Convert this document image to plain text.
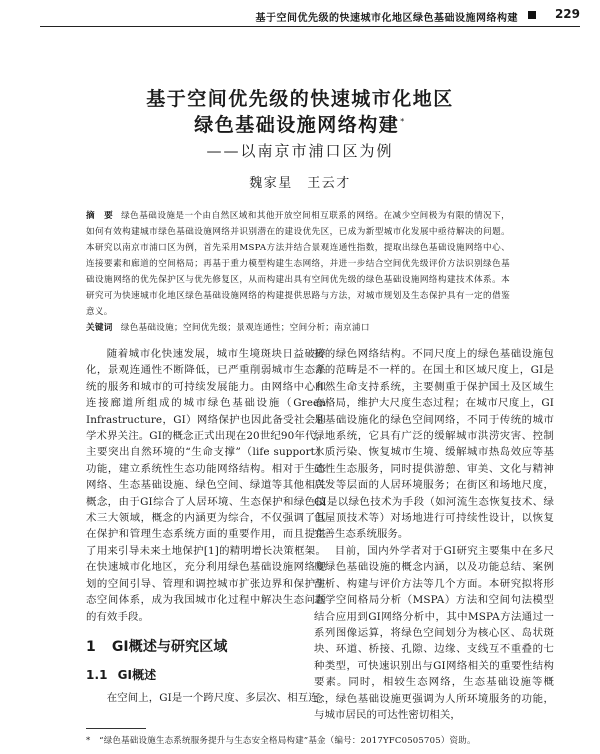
基于空间优先级的快速城市化地区绿色基础设施网络构建	229
基于空间优先级的快速城市化地区
绿色基础设施网络构建*
——以南京市浦口区为例
魏家星　王云才
摘　要 绿色基础设施是一个由自然区域和其他开放空间相互联系的网络。在减少空间极为有限的情况下，如何有效构建城市绿色基础设施网络并识别潜在的建设优先区，已成为新型城市化发展中亟待解决的问题。本研究以南京市浦口区为例，首先采用MSPA方法并结合景观连通性指数，提取出绿色基础设施网络中心、连接要素和廊道的空间格局；再基于重力模型构建生态网络，并进一步结合空间优先级评价方法识别绿色基础设施网络的优先保护区与优先修复区，从而构建出具有空间优先级的绿色基础设施网络构建技术体系。本研究可为快速城市化地区绿色基础设施网络的构建提供思路与方法，对城市规划及生态保护具有一定的借鉴意义。
关键词 绿色基础设施；空间优先级；景观连通性；空间分析；南京浦口

随着城市化快速发展，城市生境斑块日益破碎化，景观连通性不断降低，已严重削弱城市生态系统的服务和城市的可持续发展能力。由网络中心和连接廊道所组成的城市绿色基础设施（Green Infrastructure，GI）网络保护也因此备受社会和学术界关注。GI的概念正式出现在20世纪90年代，主要突出自然环境的“生命支撑”（life support）功能，建立系统性生态功能网络结构。相对于生态网络、生态基础设施、绿色空间、绿道等其他相关概念，由于GI综合了人居环境、生态保护和绿色技术三大领域，概念的内涵更为综合，不仅强调了其在保护和管理生态系统方面的重要作用，而且提供了用来引导未来土地保护[1]的精明增长决策框架。在快速城市化地区，充分利用绿色基础设施网络规划的空间引导、管理和调控城市扩张边界和保护生态空间体系，成为我国城市化过程中解决生态问题的有效手段。

1 GI概述与研究区域
1.1 GI概述

在空间上，GI是一个跨尺度、多层次、相互连

接的绿色网络结构。不同尺度上的绿色基础设施包含的范畴是不一样的。在国土和区域尺度上，GI是自然生命支持系统，主要侧重于保护国土及区域生态格局，维护大尺度生态过程；在城市尺度上，GI是基础设施化的绿色空间网络，不同于传统的城市绿地系统，它具有广泛的缓解城市洪涝灾害、控制水质污染、恢复城市生境、缓解城市热岛效应等基础性生态服务，同时提供游憩、审美、文化与精神启发等层面的人居环境服务；在街区和场地尺度，GI是以绿色技术为手段（如河流生态恢复技术、绿色屋顶技术等）对场地进行可持续性设计，以恢复完善生态系统服务。

目前，国内外学者对于GI研究主要集中在多尺度绿色基础设施的概念内涵，以及功能总结、案例剖析、构建与评价方法等几个方面。本研究拟将形态学空间格局分析（MSPA）方法和空间句法模型结合应用到GI网络分析中，其中MSPA方法通过一系列图像运算，将绿色空间划分为核心区、岛状斑块、环道、桥接、孔隙、边缘、支线互不重叠的七种类型，可快速识别出与GI网络相关的重要性结构要素。同时，相较生态网络，生态基础设施等概念，绿色基础设施更强调为人所环境服务的功能，与城市居民的可达性密切相关，

*　 “绿色基础设施生态系统服务提升与生态安全格局构建”基金（编号：2017YFC0505705）资助。
